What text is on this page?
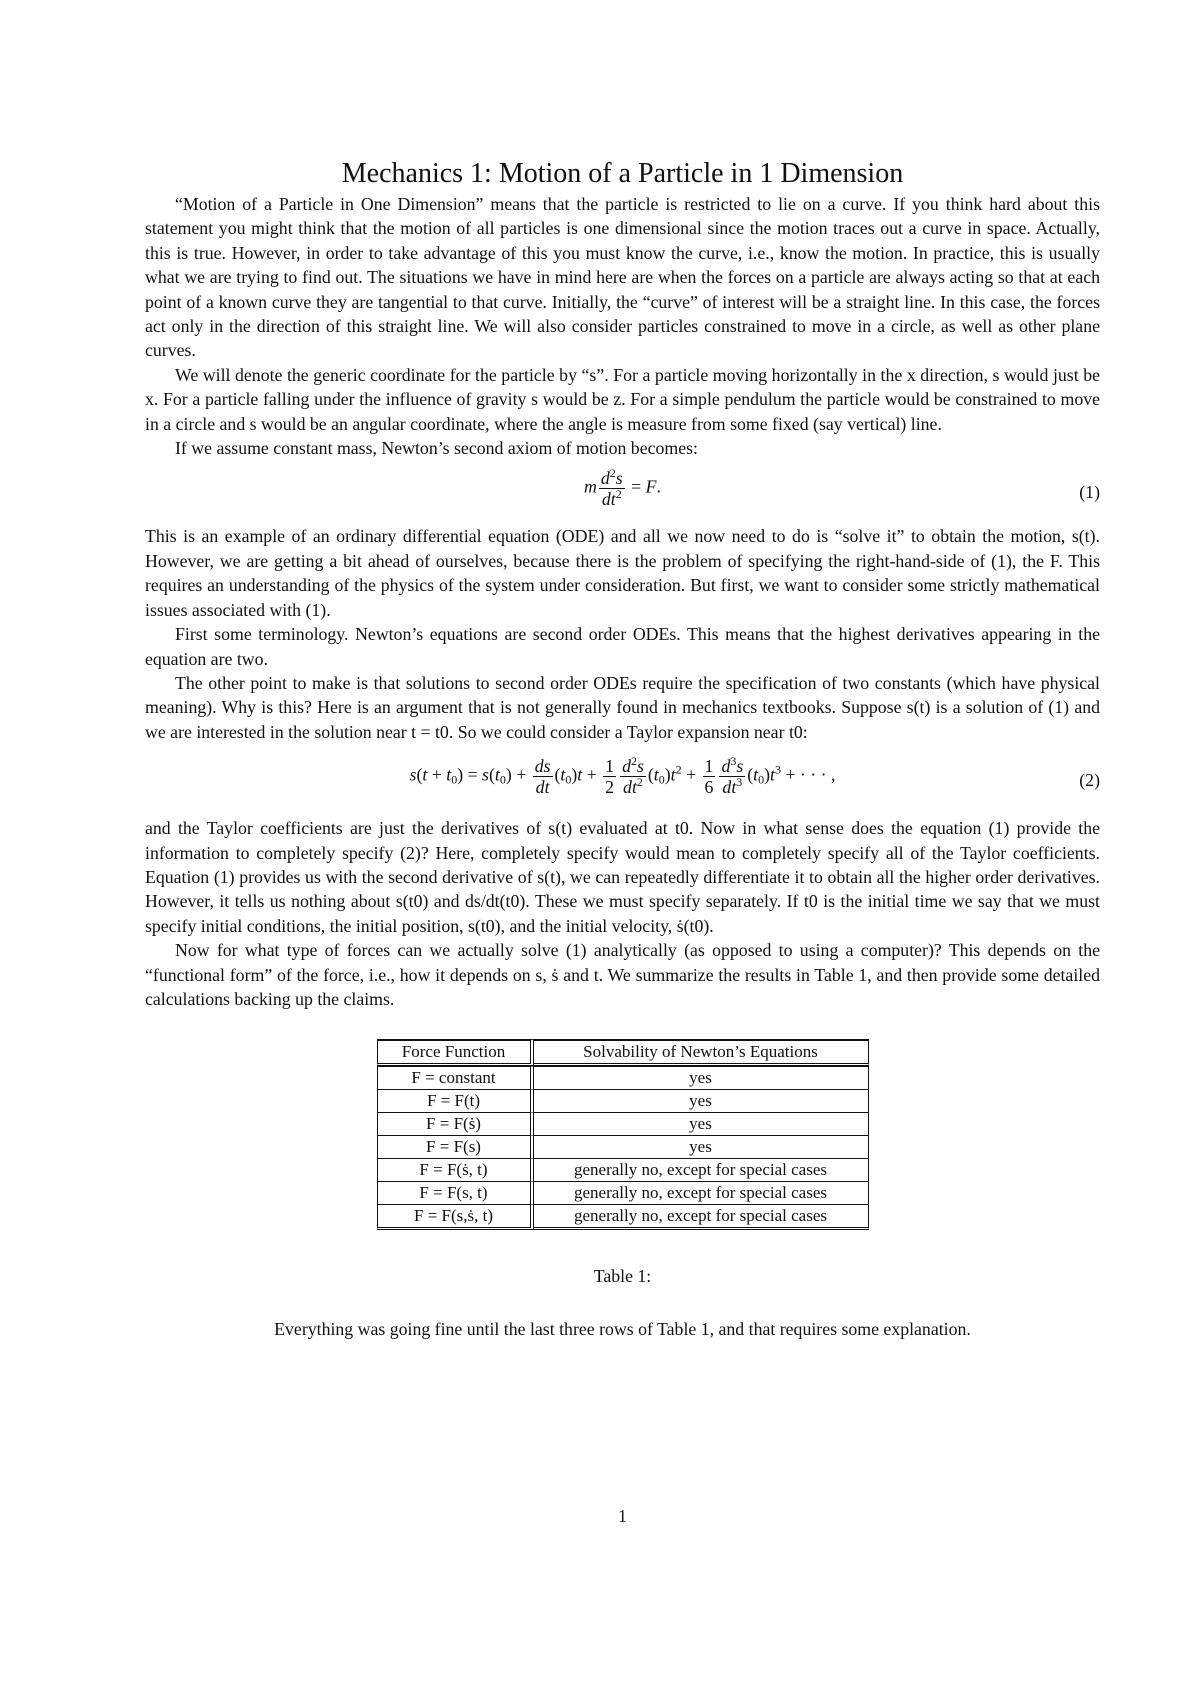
Mechanics 1: Motion of a Particle in 1 Dimension

“Motion of a Particle in One Dimension” means that the particle is restricted to lie on a curve. If you think hard about this statement you might think that the motion of all particles is one dimensional since the motion traces out a curve in space. Actually, this is true. However, in order to take advantage of this you must know the curve, i.e., know the motion. In practice, this is usually what we are trying to find out. The situations we have in mind here are when the forces on a particle are always acting so that at each point of a known curve they are tangential to that curve. Initially, the “curve” of interest will be a straight line. In this case, the forces act only in the direction of this straight line. We will also consider particles constrained to move in a circle, as well as other plane curves.

We will denote the generic coordinate for the particle by “s”. For a particle moving horizontally in the x direction, s would just be x. For a particle falling under the influence of gravity s would be z. For a simple pendulum the particle would be constrained to move in a circle and s would be an angular coordinate, where the angle is measure from some fixed (say vertical) line.

If we assume constant mass, Newton’s second axiom of motion becomes:

m $\frac{d^2s}{dt^2} = F$.	(1)

This is an example of an ordinary differential equation (ODE) and all we now need to do is “solve it” to obtain the motion, s(t). However, we are getting a bit ahead of ourselves, because there is the problem of specifying the right-hand-side of (1), the F. This requires an understanding of the physics of the system under consideration. But first, we want to consider some strictly mathematical issues associated with (1).

First some terminology. Newton’s equations are second order ODEs. This means that the highest derivatives appearing in the equation are two.

The other point to make is that solutions to second order ODEs require the specification of two constants (which have physical meaning). Why is this? Here is an argument that is not generally found in mechanics textbooks. Suppose s(t) is a solution of (1) and we are interested in the solution near t = t0. So we could consider a Taylor expansion near t0:

$s(t + t_0) = s(t_0) + \frac{ds}{dt} (t_0)t + \frac{1}{2} \frac{d^2s}{dt^2} (t_0)t^2 + \frac{1}{6} \frac{d^3s}{dt^3} (t_0)t^3$ + · · · ,	(2)

and the Taylor coefficients are just the derivatives of s(t) evaluated at t0. Now in what sense does the equation (1) provide the information to completely specify (2)? Here, completely specify would mean to completely specify all of the Taylor coefficients. Equation (1) provides us with the second derivative of s(t), we can repeatedly differentiate it to obtain all the higher order derivatives. However, it tells us nothing about s(t0) and ds/dt(t0). These we must specify separately. If t0 is the initial time we say that we must specify initial conditions, the initial position, s(t0), and the initial velocity, ṡ(t0).

Now for what type of forces can we actually solve (1) analytically (as opposed to using a computer)? This depends on the “functional form” of the force, i.e., how it depends on s, ṡ and t. We summarize the results in Table 1, and then provide some detailed calculations backing up the claims.

Force Function	Solvability of Newton’s Equations
F = constant	yes
F = F(t)	yes
F = F(ṡ)	yes
F = F(s)	yes
F = F(ṡ, t)	generally no, except for special cases
F = F(s, t)	generally no, except for special cases
F = F(s,ṡ, t)	generally no, except for special cases

Table 1:

Everything was going fine until the last three rows of Table 1, and that requires some explanation.

1
